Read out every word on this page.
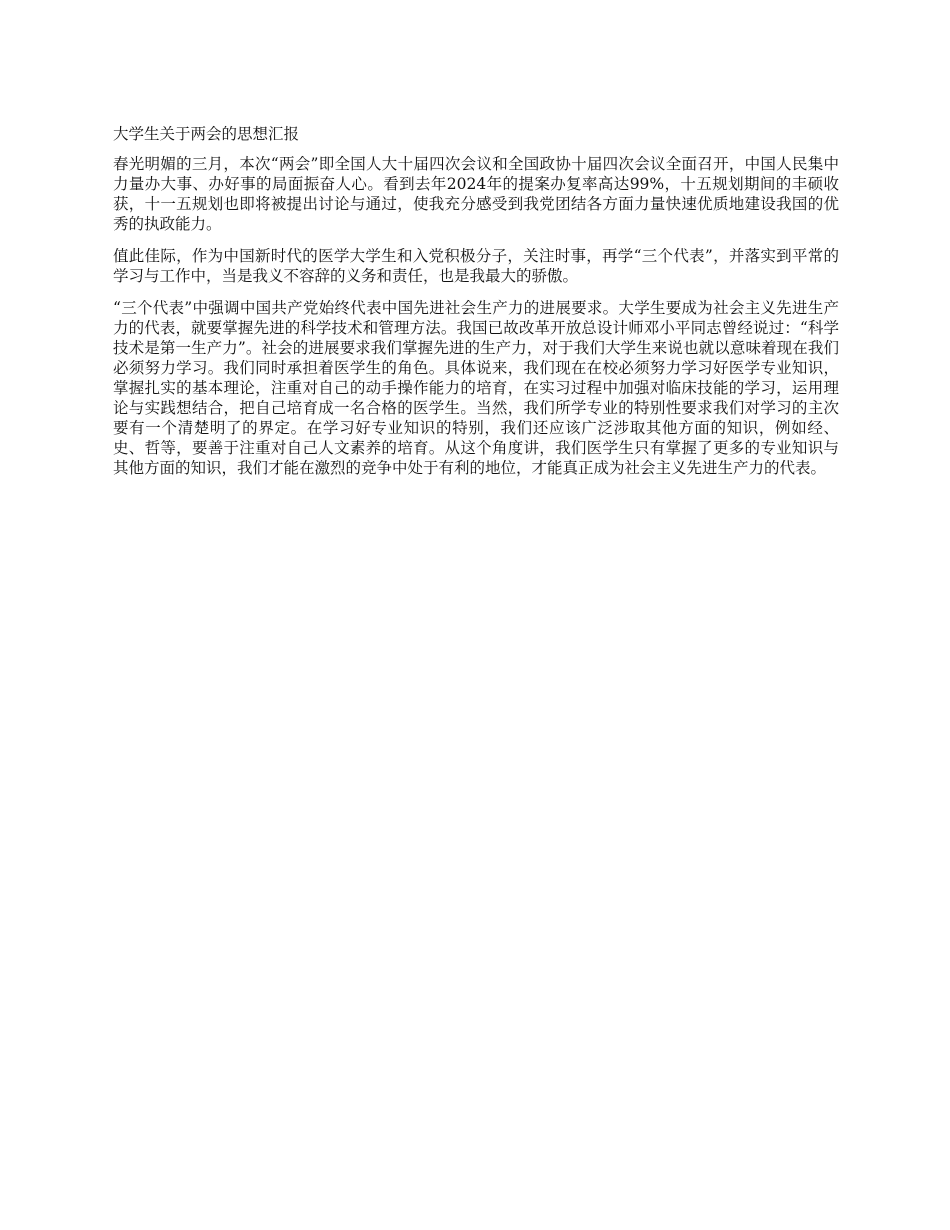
大学生关于两会的思想汇报

春光明媚的三月，本次“两会”即全国人大十届四次会议和全国政协十届四次会议全面召开，中国人民集中力量办大事、办好事的局面振奋人心。看到去年2024年的提案办复率高达99%，十五规划期间的丰硕收获，十一五规划也即将被提出讨论与通过，使我充分感受到我党团结各方面力量快速优质地建设我国的优秀的执政能力。

值此佳际，作为中国新时代的医学大学生和入党积极分子，关注时事，再学“三个代表”，并落实到平常的学习与工作中，当是我义不容辞的义务和责任，也是我最大的骄傲。

“三个代表”中强调中国共产党始终代表中国先进社会生产力的进展要求。大学生要成为社会主义先进生产力的代表，就要掌握先进的科学技术和管理方法。我国已故改革开放总设计师邓小平同志曾经说过：“科学技术是第一生产力”。社会的进展要求我们掌握先进的生产力，对于我们大学生来说也就以意味着现在我们必须努力学习。我们同时承担着医学生的角色。具体说来，我们现在在校必须努力学习好医学专业知识，掌握扎实的基本理论，注重对自己的动手操作能力的培育，在实习过程中加强对临床技能的学习，运用理论与实践想结合，把自己培育成一名合格的医学生。当然，我们所学专业的特别性要求我们对学习的主次要有一个清楚明了的界定。在学习好专业知识的特别，我们还应该广泛涉取其他方面的知识，例如经、史、哲等，要善于注重对自己人文素养的培育。从这个角度讲，我们医学生只有掌握了更多的专业知识与其他方面的知识，我们才能在激烈的竞争中处于有利的地位，才能真正成为社会主义先进生产力的代表。
